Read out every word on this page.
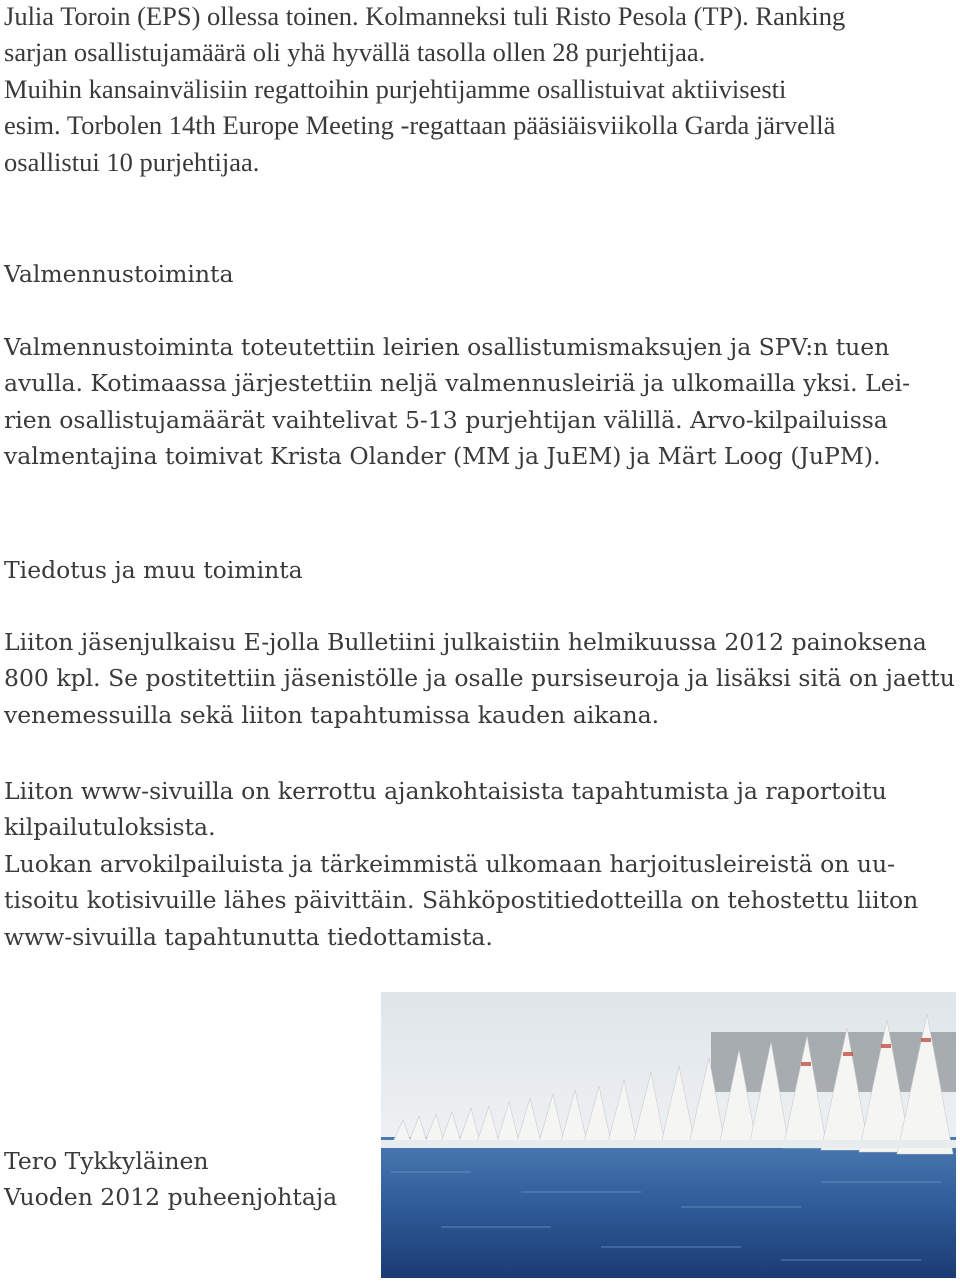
Julia Toroin (EPS) ollessa toinen. Kolmanneksi tuli Risto Pesola (TP). Ranking
sarjan osallistujamäärä oli yhä hyvällä tasolla ollen 28 purjehtijaa.
Muihin kansainvälisiin regattoihin purjehtijamme osallistuivat aktiivisesti
esim. Torbolen 14th Europe Meeting -regattaan pääsiäisviikolla Garda järvellä
osallistui 10 purjehtijaa.

Valmennustoiminta

Valmennustoiminta toteutettiin leirien osallistumismaksujen ja SPV:n tuen
avulla. Kotimaassa järjestettiin neljä valmennusleiriä ja ulkomailla yksi. Lei-
rien osallistujamäärät vaihtelivat 5-13 purjehtijan välillä. Arvo-kilpailuissa
valmentajina toimivat Krista Olander (MM ja JuEM) ja Märt Loog (JuPM).

Tiedotus ja muu toiminta

Liiton jäsenjulkaisu E-jolla Bulletiini julkaistiin helmikuussa 2012 painoksena
800 kpl. Se postitettiin jäsenistölle ja osalle pursiseuroja ja lisäksi sitä on jaettu
venemessuilla sekä liiton tapahtumissa kauden aikana.

Liiton www-sivuilla on kerrottu ajankohtaisista tapahtumista ja raportoitu
kilpailutuloksista.
Luokan arvokilpailuista ja tärkeimmistä ulkomaan harjoitusleireistä on uu-
tisoitu kotisivuille lähes päivittäin. Sähköpostitiedotteilla on tehostettu liiton
www-sivuilla tapahtunutta tiedottamista.

Tero Tykkyläinen
Vuoden 2012 puheenjohtaja
